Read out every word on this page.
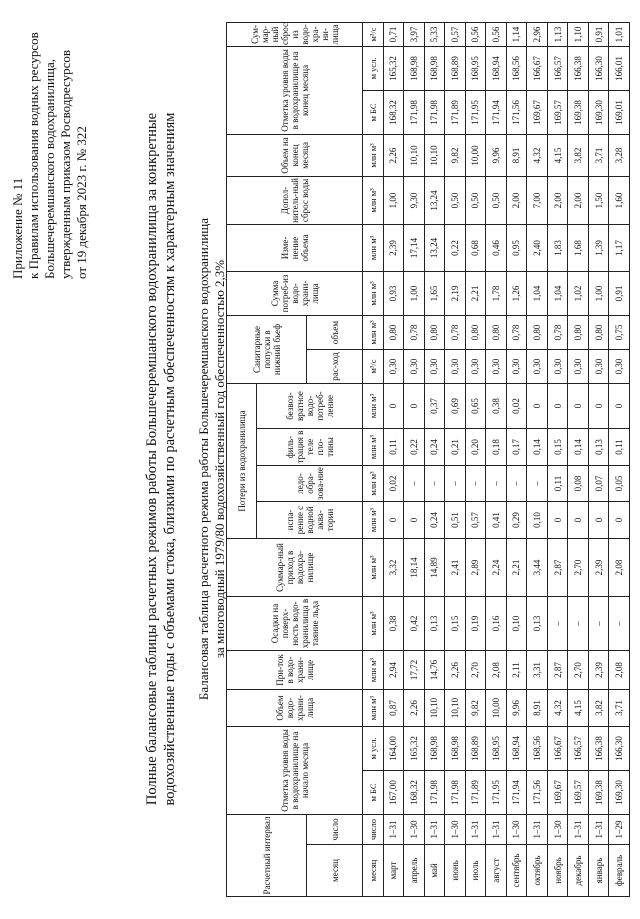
Приложение № 11 к Правилам использования водных ресурсов Большечеремшанского водохранилища, утвержденным приказом Росводресурсов от 19 декабря 2023 г. № 322	Полные балансовые таблицы расчетных режимов работы Большечеремшанского водохранилища за конкретные водохозяйственные годы с объемами стока, близкими по расчетным обеспеченностям к характерным значениям Балансовая таблица расчетного режима работы Большечеремшанского водохранилища за многоводный 1979/80 водохозяйственный год обеспеченностью 2,3%
Расчетный интервал		Отметка уровня воды в водохранилище на начало месяца		Объем водо-храни-лища	При-ток в водо-храни-лище	Осадки на поверх-ность водо-хранилища в таяние льда	Суммар-ный приход в водохра-нилище	Потери из водохранилища				Санитарные попуски в нижний бьеф		Сумма потреб-из водо-храни-лища	Изме-нение объема	Допол-нитель-ный сброс воды	Объем на конец месяца	Отметка уровня воды в водохранилище на конец месяца		Сум-мар-ный сброс из водо-хра-ни-лища
								испа-рение с водной аква-тории	ледо-обра-зова-ние	филь-трация в теле пло-тины	безвоз-вратное водо-потреб-ление									
месяц	число											рас-ход	объем							
месяц	число	м БС	м усл.	млн м³	млн м³	млн м³	млн м³	млн м³	млн м³	млн м³	млн м³	м³/с	млн м³	млн м³	млн м³	млн м³	млн м³	м БС	м усл.	м³/с
март	1–31	167,00	164,00	0,87	2,94	0,38	3,32	0	0,02	0,11	0	0,30	0,80	0,93	2,39	1,00	2,26	168,32	165,32	0,71
апрель	1–30	168,32	165,32	2,26	17,72	0,42	18,14	0	–	0,22	0	0,30	0,78	1,00	17,14	9,30	10,10	171,98	168,98	3,97
май	1–31	171,98	168,98	10,10	14,76	0,13	14,89	0,24	–	0,24	0,37	0,30	0,80	1,65	13,24	13,24	10,10	171,98	168,98	5,33
июнь	1–30	171,98	168,98	10,10	2,26	0,15	2,41	0,51	–	0,21	0,69	0,30	0,78	2,19	0,22	0,50	9,82	171,89	168,89	0,57
июль	1–31	171,89	168,89	9,82	2,70	0,19	2,89	0,57	–	0,20	0,65	0,30	0,80	2,21	0,68	0,50	10,00	171,95	168,95	0,56
август	1–31	171,95	168,95	10,00	2,08	0,16	2,24	0,41	–	0,18	0,38	0,30	0,80	1,78	0,46	0,50	9,96	171,94	168,94	0,56
сентябрь	1–30	171,94	168,94	9,96	2,11	0,10	2,21	0,29	–	0,17	0,02	0,30	0,78	1,26	0,95	2,00	8,91	171,56	168,56	1,14
октябрь	1–31	171,56	168,56	8,91	3,31	0,13	3,44	0,10	–	0,14	0	0,30	0,80	1,04	2,40	7,00	4,32	169,67	166,67	2,96
ноябрь	1–30	169,67	166,67	4,32	2,87	–	2,87	0	0,11	0,15	0	0,30	0,78	1,04	1,83	2,00	4,15	169,57	166,57	1,13
декабрь	1–31	169,57	166,57	4,15	2,70	–	2,70	0	0,08	0,14	0	0,30	0,80	1,02	1,68	2,00	3,82	169,38	166,38	1,10
январь	1–31	169,38	166,38	3,82	2,39	–	2,39	0	0,07	0,13	0	0,30	0,80	1,00	1,39	1,50	3,71	169,30	166,30	0,91
февраль	1–29	169,30	166,30	3,71	2,08	–	2,08	0	0,05	0,11	0	0,30	0,75	0,91	1,17	1,60	3,28	169,01	166,01	1,01
